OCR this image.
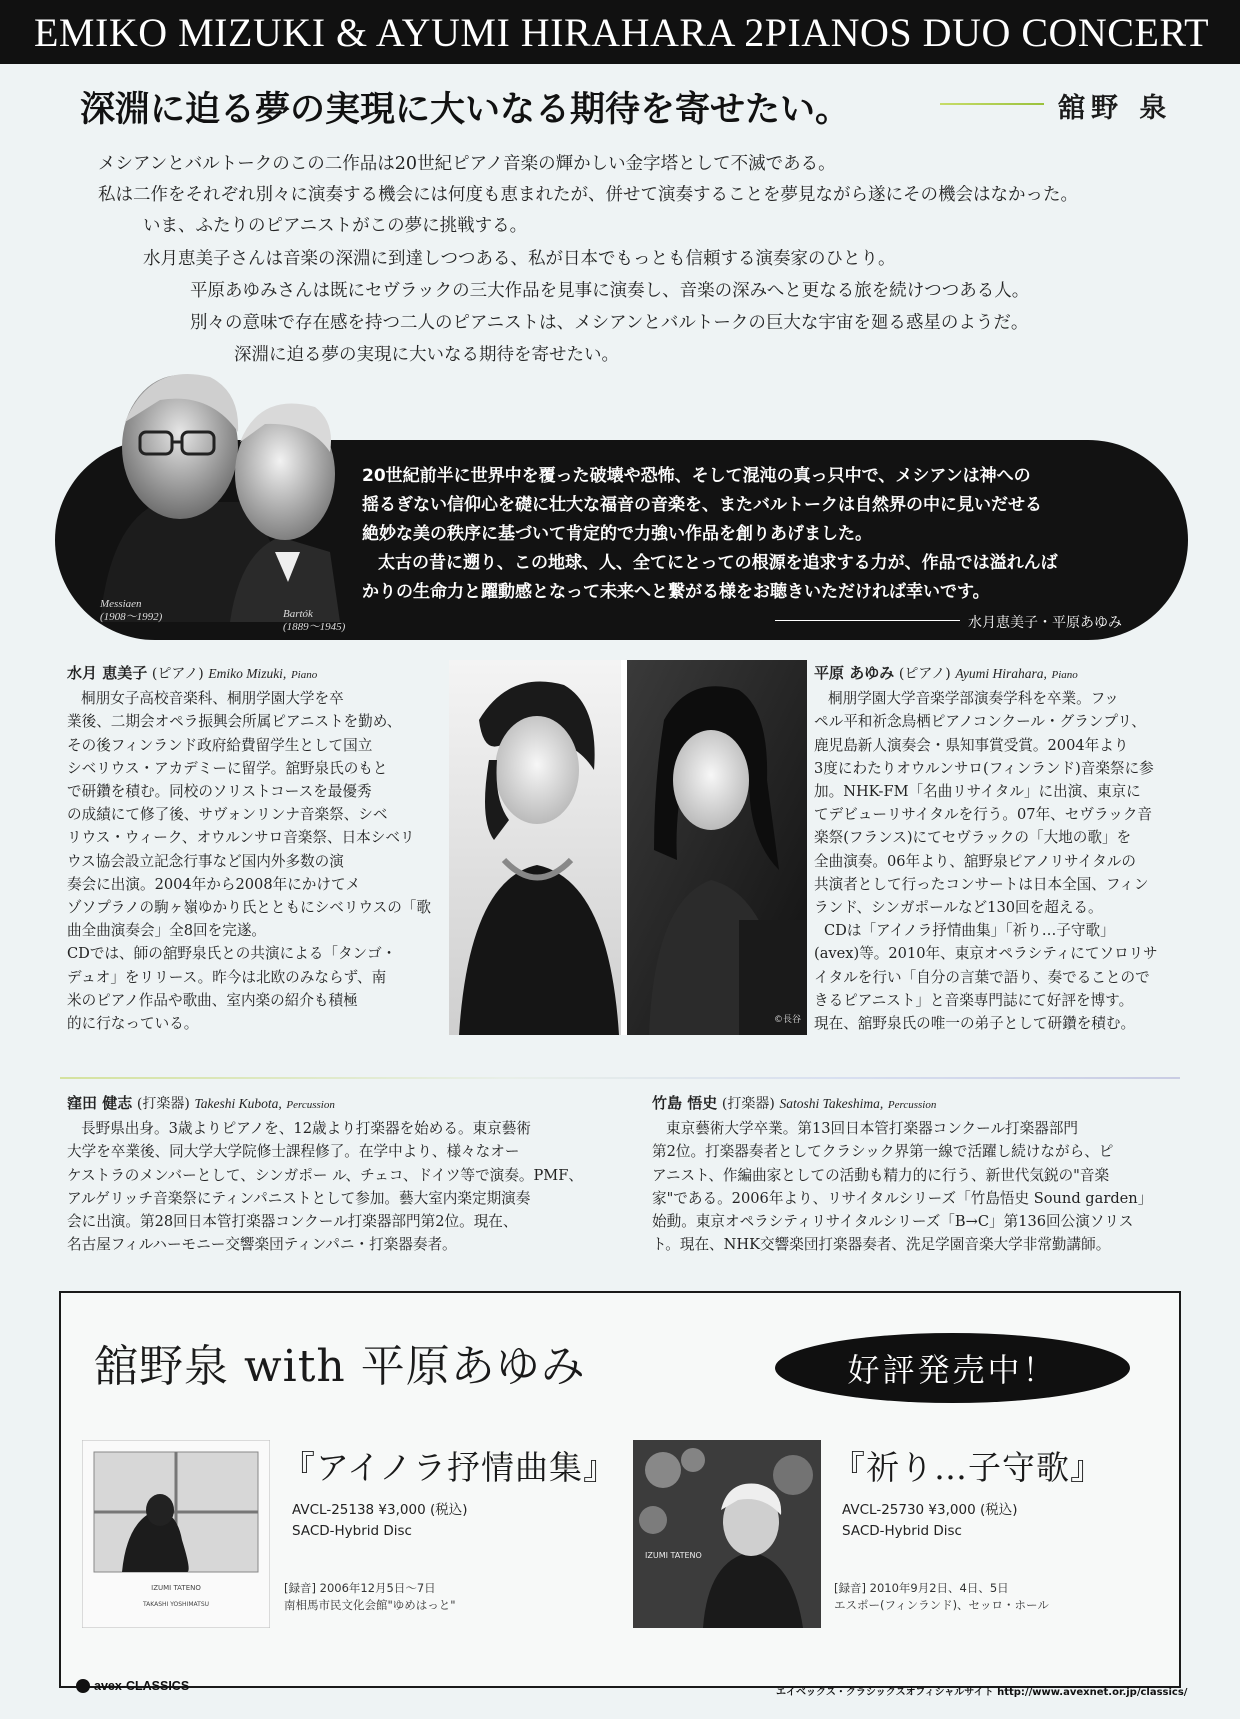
EMIKO MIZUKI & AYUMI HIRAHARA 2PIANOS DUO CONCERT
深淵に迫る夢の実現に大いなる期待を寄せたい。	舘野 泉

メシアンとバルトークのこの二作品は20世紀ピアノ音楽の輝かしい金字塔として不滅である。

私は二作をそれぞれ別々に演奏する機会には何度も恵まれたが、併せて演奏することを夢見ながら遂にその機会はなかった。

いま、ふたりのピアニストがこの夢に挑戦する。

水月恵美子さんは音楽の深淵に到達しつつある、私が日本でもっとも信頼する演奏家のひとり。

平原あゆみさんは既にセヴラックの三大作品を見事に演奏し、音楽の深みへと更なる旅を続けつつある人。

別々の意味で存在感を持つ二人のピアニストは、メシアンとバルトークの巨大な宇宙を廻る惑星のようだ。

深淵に迫る夢の実現に大いなる期待を寄せたい。

Messiaen
(1908〜1992)	Bartók
(1889〜1945)
20世紀前半に世界中を覆った破壊や恐怖、そして混沌の真っ只中で、メシアンは神への
揺るぎない信仰心を礎に壮大な福音の音楽を、またバルトークは自然界の中に見いだせる
絶妙な美の秩序に基づいて肯定的で力強い作品を創りあげました。
太古の昔に遡り、この地球、人、全てにとっての根源を追求する力が、作品では溢れんば
かりの生命力と躍動感となって未来へと繋がる様をお聴きいただければ幸いです。
水月恵美子・平原あゆみ
水月 恵美子 (ピアノ) Emiko Mizuki, Piano
桐朋女子高校音楽科、桐朋学園大学を卒
業後、二期会オペラ振興会所属ピアニストを勤め、
その後フィンランド政府給費留学生として国立
シベリウス・アカデミーに留学。舘野泉氏のもと
で研鑽を積む。同校のソリストコースを最優秀
の成績にて修了後、サヴォンリンナ音楽祭、シベ
リウス・ウィーク、オウルンサロ音楽祭、日本シベリ
ウス協会設立記念行事など国内外多数の演
奏会に出演。2004年から2008年にかけてメ
ゾソプラノの駒ヶ嶺ゆかり氏とともにシベリウスの「歌
曲全曲演奏会」全8回を完遂。
CDでは、師の舘野泉氏との共演による「タンゴ・
デュオ」をリリース。昨今は北欧のみならず、南
米のピアノ作品や歌曲、室内楽の紹介も積極
的に行なっている。	©長谷
平原 あゆみ (ピアノ) Ayumi Hirahara, Piano
桐朋学園大学音楽学部演奏学科を卒業。フッ
ペル平和祈念鳥栖ピアノコンクール・グランプリ、
鹿児島新人演奏会・県知事賞受賞。2004年より
3度にわたりオウルンサロ(フィンランド)音楽祭に参
加。NHK-FM「名曲リサイタル」に出演、東京に
てデビューリサイタルを行う。07年、セヴラック音
楽祭(フランス)にてセヴラックの「大地の歌」を
全曲演奏。06年より、舘野泉ピアノリサイタルの
共演者として行ったコンサートは日本全国、フィン
ランド、シンガポールなど130回を超える。
CDは「アイノラ抒情曲集」「祈り…子守歌」
(avex)等。2010年、東京オペラシティにてソロリサ
イタルを行い「自分の言葉で語り、奏でることので
きるピアニスト」と音楽専門誌にて好評を博す。
現在、舘野泉氏の唯一の弟子として研鑽を積む。
窪田 健志 (打楽器) Takeshi Kubota, Percussion
長野県出身。3歳よりピアノを、12歳より打楽器を始める。東京藝術
大学を卒業後、同大学大学院修士課程修了。在学中より、様々なオー
ケストラのメンバーとして、シンガポー ル、チェコ、ドイツ等で演奏。PMF、
アルゲリッチ音楽祭にティンパニストとして参加。藝大室内楽定期演奏
会に出演。第28回日本管打楽器コンクール打楽器部門第2位。現在、
名古屋フィルハーモニー交響楽団ティンパニ・打楽器奏者。
竹島 悟史 (打楽器) Satoshi Takeshima, Percussion
東京藝術大学卒業。第13回日本管打楽器コンクール打楽器部門
第2位。打楽器奏者としてクラシック界第一線で活躍し続けながら、ピ
アニスト、作編曲家としての活動も精力的に行う、新世代気鋭の"音楽
家"である。2006年より、リサイタルシリーズ「竹島悟史 Sound garden」
始動。東京オペラシティリサイタルシリーズ「B→C」第136回公演ソリス
ト。現在、NHK交響楽団打楽器奏者、洗足学園音楽大学非常勤講師。
舘野泉 with 平原あゆみ	好評発売中！
IZUMI TATENO
TAKASHI YOSHIMATSU
『アイノラ抒情曲集』
AVCL-25138 ¥3,000 (税込)
SACD-Hybrid Disc
[録音] 2006年12月5日〜7日
南相馬市民文化会館"ゆめはっと"
IZUMI TATENO
『祈り…子守歌』
AVCL-25730 ¥3,000 (税込)
SACD-Hybrid Disc
[録音] 2010年9月2日、4日、5日
エスポー(フィンランド)、セッロ・ホール
avex-CLASSICS	エイベックス・クラシックスオフィシャルサイト http://www.avexnet.or.jp/classics/
